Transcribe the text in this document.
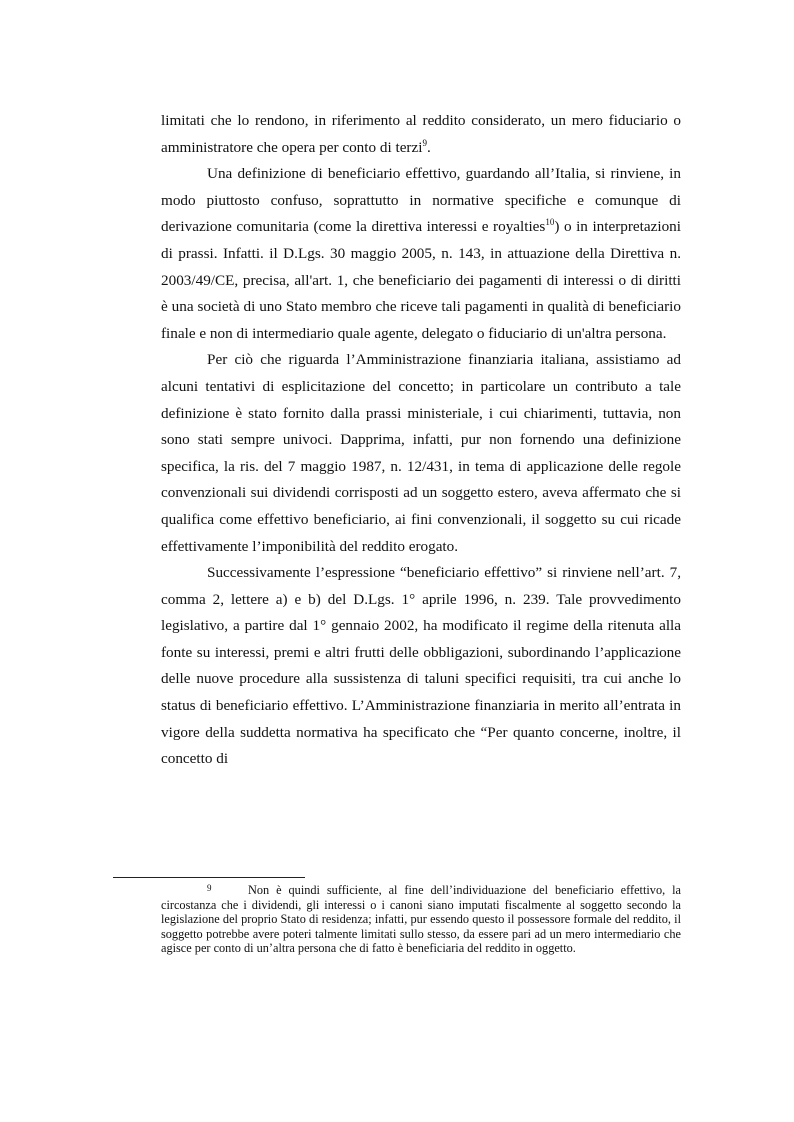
limitati che lo rendono, in riferimento al reddito considerato, un mero fiduciario o amministratore che opera per conto di terzi$^9$.

Una definizione di beneficiario effettivo, guardando all’Italia, si rinviene, in modo piuttosto confuso, soprattutto in normative specifiche e comunque di derivazione comunitaria (come la direttiva interessi e royalties$^{10}$) o in interpretazioni di prassi. Infatti. il D.Lgs. 30 maggio 2005, n. 143, in attuazione della Direttiva n. 2003/49/CE, precisa, all'art. 1, che beneficiario dei pagamenti di interessi o di diritti è una società di uno Stato membro che riceve tali pagamenti in qualità di beneficiario finale e non di intermediario quale agente, delegato o fiduciario di un'altra persona.

Per ciò che riguarda l’Amministrazione finanziaria italiana, assistiamo ad alcuni tentativi di esplicitazione del concetto; in particolare un contributo a tale definizione è stato fornito dalla prassi ministeriale, i cui chiarimenti, tuttavia, non sono stati sempre univoci. Dapprima, infatti, pur non fornendo una definizione specifica, la ris. del 7 maggio 1987, n. 12/431, in tema di applicazione delle regole convenzionali sui dividendi corrisposti ad un soggetto estero, aveva affermato che si qualifica come effettivo beneficiario, ai fini convenzionali, il soggetto su cui ricade effettivamente l’imponibilità del reddito erogato.

Successivamente l’espressione “beneficiario effettivo” si rinviene nell’art. 7, comma 2, lettere a) e b) del D.Lgs. 1° aprile 1996, n. 239. Tale provvedimento legislativo, a partire dal 1° gennaio 2002, ha modificato il regime della ritenuta alla fonte su interessi, premi e altri frutti delle obbligazioni, subordinando l’applicazione delle nuove procedure alla sussistenza di taluni specifici requisiti, tra cui anche lo status di beneficiario effettivo. L’Amministrazione finanziaria in merito all’entrata in vigore della suddetta normativa ha specificato che “Per quanto concerne, inoltre, il concetto di

9	Non è quindi sufficiente, al fine dell’individuazione del beneficiario effettivo, la circostanza che i dividendi, gli interessi o i canoni siano imputati fiscalmente al soggetto secondo la legislazione del proprio Stato di residenza; infatti, pur essendo questo il possessore formale del reddito, il soggetto potrebbe avere poteri talmente limitati sullo stesso, da essere pari ad un mero intermediario che agisce per conto di un’altra persona che di fatto è beneficiaria del reddito in oggetto.
